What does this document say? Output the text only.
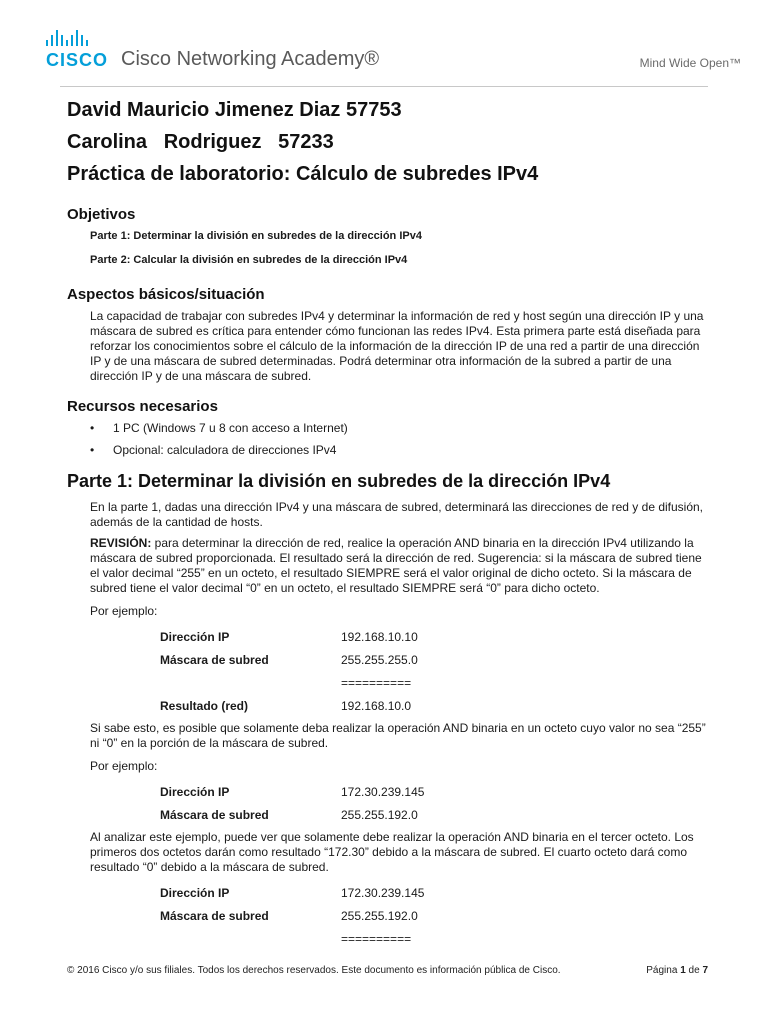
CISCO Cisco Networking Academy®	Mind Wide Open™

David Mauricio Jimenez Diaz 57753

Carolina   Rodriguez   57233

Práctica de laboratorio: Cálculo de subredes IPv4

Objetivos

Parte 1: Determinar la división en subredes de la dirección IPv4

Parte 2: Calcular la división en subredes de la dirección IPv4

Aspectos básicos/situación

La capacidad de trabajar con subredes IPv4 y determinar la información de red y host según una dirección IP y una máscara de subred es crítica para entender cómo funcionan las redes IPv4. Esta primera parte está diseñada para reforzar los conocimientos sobre el cálculo de la información de la dirección IP de una red a partir de una dirección IP y de una máscara de subred determinadas. Podrá determinar otra información de la subred a partir de una dirección IP y de una máscara de subred.

Recursos necesarios

• 1 PC (Windows 7 u 8 con acceso a Internet)

• Opcional: calculadora de direcciones IPv4

Parte 1: Determinar la división en subredes de la dirección IPv4

En la parte 1, dadas una dirección IPv4 y una máscara de subred, determinará las direcciones de red y de difusión, además de la cantidad de hosts.

REVISIÓN: para determinar la dirección de red, realice la operación AND binaria en la dirección IPv4 utilizando la máscara de subred proporcionada. El resultado será la dirección de red. Sugerencia: si la máscara de subred tiene el valor decimal “255” en un octeto, el resultado SIEMPRE será el valor original de dicho octeto. Si la máscara de subred tiene el valor decimal “0” en un octeto, el resultado SIEMPRE será “0” para dicho octeto.

Por ejemplo:

Dirección IP	192.168.10.10
Máscara de subred	255.255.255.0
==========
Resultado (red)	192.168.10.0

Si sabe esto, es posible que solamente deba realizar la operación AND binaria en un octeto cuyo valor no sea “255” ni “0” en la porción de la máscara de subred.

Por ejemplo:

Dirección IP	172.30.239.145
Máscara de subred	255.255.192.0

Al analizar este ejemplo, puede ver que solamente debe realizar la operación AND binaria en el tercer octeto. Los primeros dos octetos darán como resultado “172.30” debido a la máscara de subred. El cuarto octeto dará como resultado “0” debido a la máscara de subred.

Dirección IP	172.30.239.145
Máscara de subred	255.255.192.0
==========
© 2016 Cisco y/o sus filiales. Todos los derechos reservados. Este documento es información pública de Cisco.	Página 1 de 7
